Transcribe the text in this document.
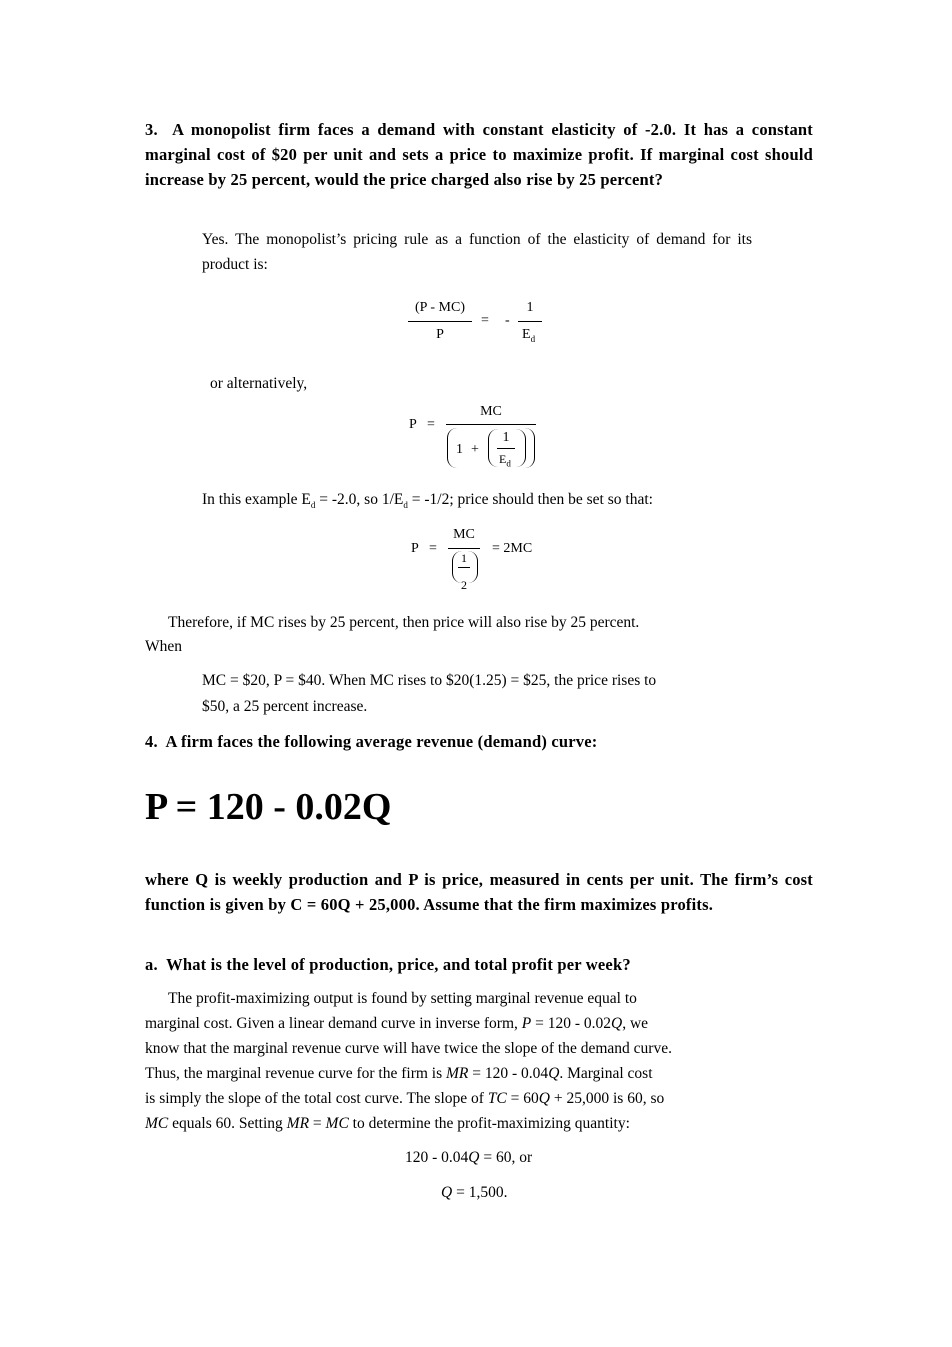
3. A monopolist firm faces a demand with constant elasticity of -2.0. It has a constant marginal cost of $20 per unit and sets a price to maximize profit. If marginal cost should increase by 25 percent, would the price charged also rise by 25 percent?
Yes. The monopolist’s pricing rule as a function of the elasticity of demand for its product is:
(P - MC)
P
= -
1
$E_d$
or alternatively,
P =
MC
1 +
1
$E_d$
In this example $E_d = -2.0$, so $1/E_d = -1/2$; price should then be set so that:
P =
MC
1
2
= 2MC
Therefore, if MC rises by 25 percent, then price will also rise by 25 percent.
When
MC = $20, P = $40. When MC rises to $20(1.25) = $25, the price rises to
$50, a 25 percent increase.
4. A firm faces the following average revenue (demand) curve:
P = 120 - 0.02Q
where Q is weekly production and P is price, measured in cents per unit. The firm’s cost function is given by C = 60Q + 25,000. Assume that the firm maximizes profits.
a. What is the level of production, price, and total profit per week?
The profit-maximizing output is found by setting marginal revenue equal to
marginal cost. Given a linear demand curve in inverse form, P = 120 - 0.02Q, we
know that the marginal revenue curve will have twice the slope of the demand curve.
Thus, the marginal revenue curve for the firm is MR = 120 - 0.04Q. Marginal cost
is simply the slope of the total cost curve. The slope of TC = 60Q + 25,000 is 60, so
MC equals 60. Setting MR = MC to determine the profit-maximizing quantity:
120 - 0.04Q = 60, or
Q = 1,500.
